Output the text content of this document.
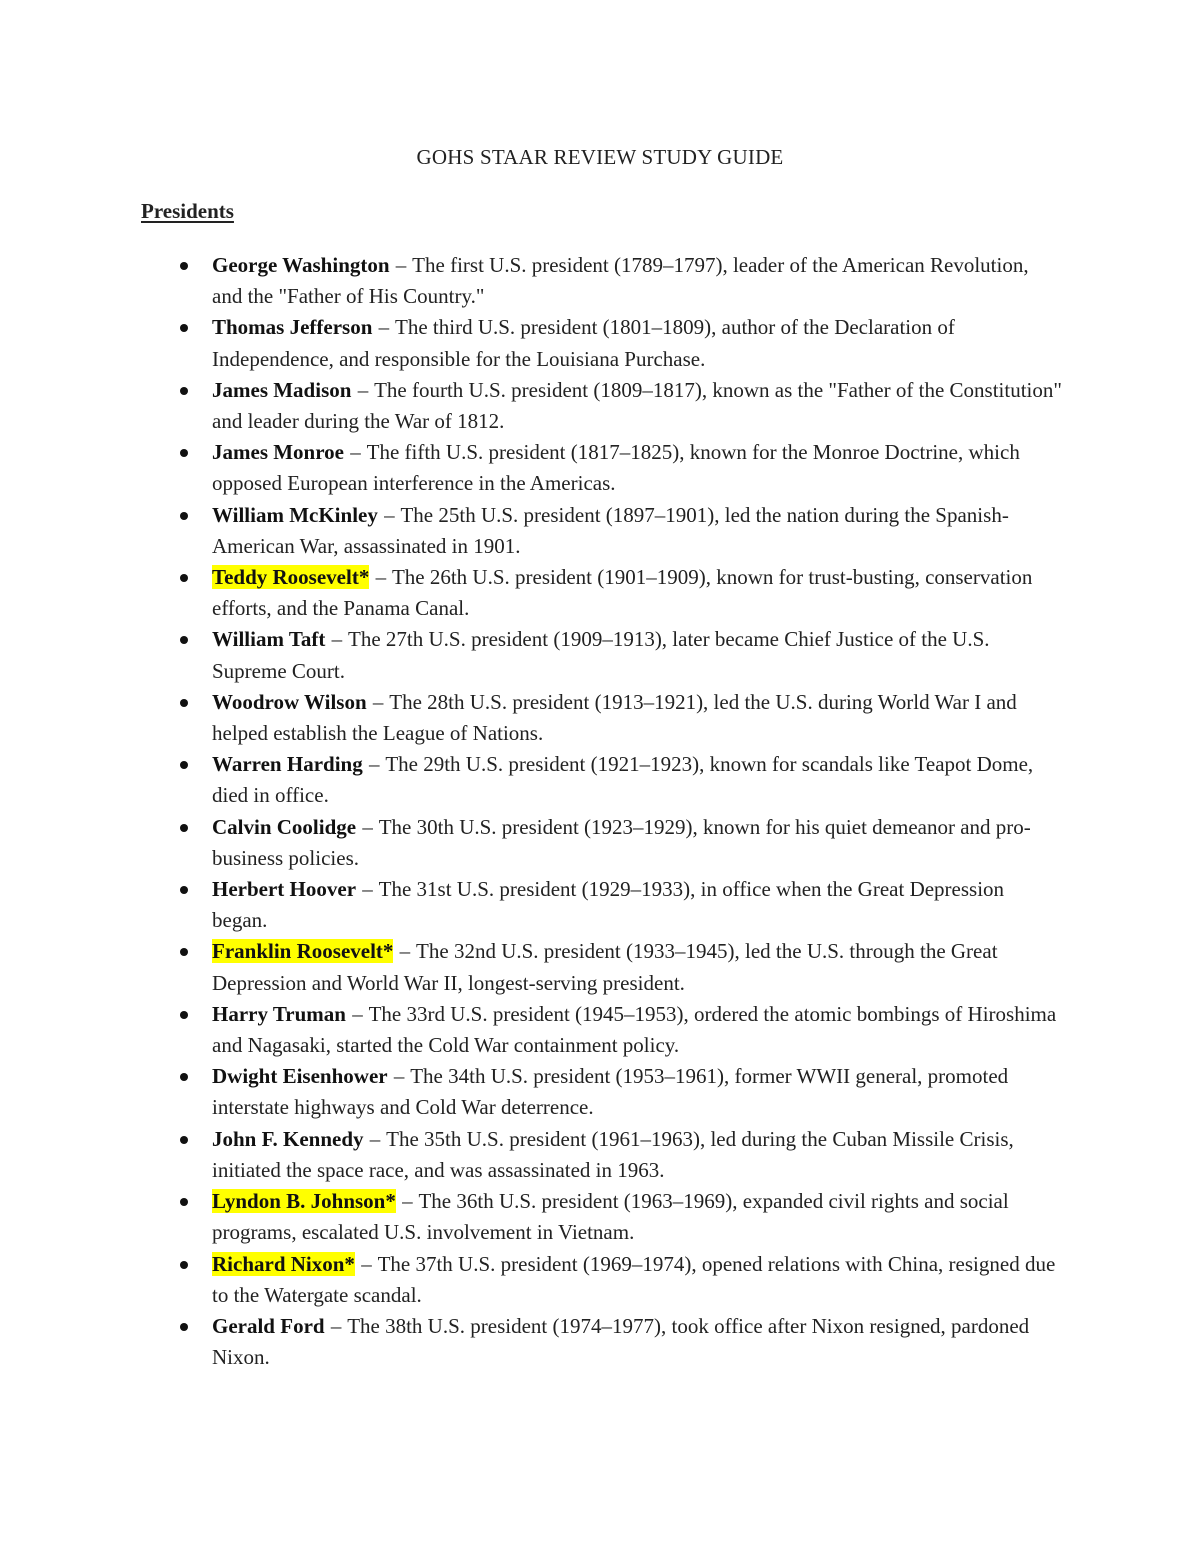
GOHS STAAR REVIEW STUDY GUIDE
Presidents
George Washington – The first U.S. president (1789–1797), leader of the American Revolution, and the "Father of His Country."
Thomas Jefferson – The third U.S. president (1801–1809), author of the Declaration of Independence, and responsible for the Louisiana Purchase.
James Madison – The fourth U.S. president (1809–1817), known as the "Father of the Constitution" and leader during the War of 1812.
James Monroe – The fifth U.S. president (1817–1825), known for the Monroe Doctrine, which opposed European interference in the Americas.
William McKinley – The 25th U.S. president (1897–1901), led the nation during the Spanish-American War, assassinated in 1901.
Teddy Roosevelt* – The 26th U.S. president (1901–1909), known for trust-busting, conservation efforts, and the Panama Canal.
William Taft – The 27th U.S. president (1909–1913), later became Chief Justice of the U.S. Supreme Court.
Woodrow Wilson – The 28th U.S. president (1913–1921), led the U.S. during World War I and helped establish the League of Nations.
Warren Harding – The 29th U.S. president (1921–1923), known for scandals like Teapot Dome, died in office.
Calvin Coolidge – The 30th U.S. president (1923–1929), known for his quiet demeanor and pro-business policies.
Herbert Hoover – The 31st U.S. president (1929–1933), in office when the Great Depression began.
Franklin Roosevelt* – The 32nd U.S. president (1933–1945), led the U.S. through the Great Depression and World War II, longest-serving president.
Harry Truman – The 33rd U.S. president (1945–1953), ordered the atomic bombings of Hiroshima and Nagasaki, started the Cold War containment policy.
Dwight Eisenhower – The 34th U.S. president (1953–1961), former WWII general, promoted interstate highways and Cold War deterrence.
John F. Kennedy – The 35th U.S. president (1961–1963), led during the Cuban Missile Crisis, initiated the space race, and was assassinated in 1963.
Lyndon B. Johnson* – The 36th U.S. president (1963–1969), expanded civil rights and social programs, escalated U.S. involvement in Vietnam.
Richard Nixon* – The 37th U.S. president (1969–1974), opened relations with China, resigned due to the Watergate scandal.
Gerald Ford – The 38th U.S. president (1974–1977), took office after Nixon resigned, pardoned Nixon.
